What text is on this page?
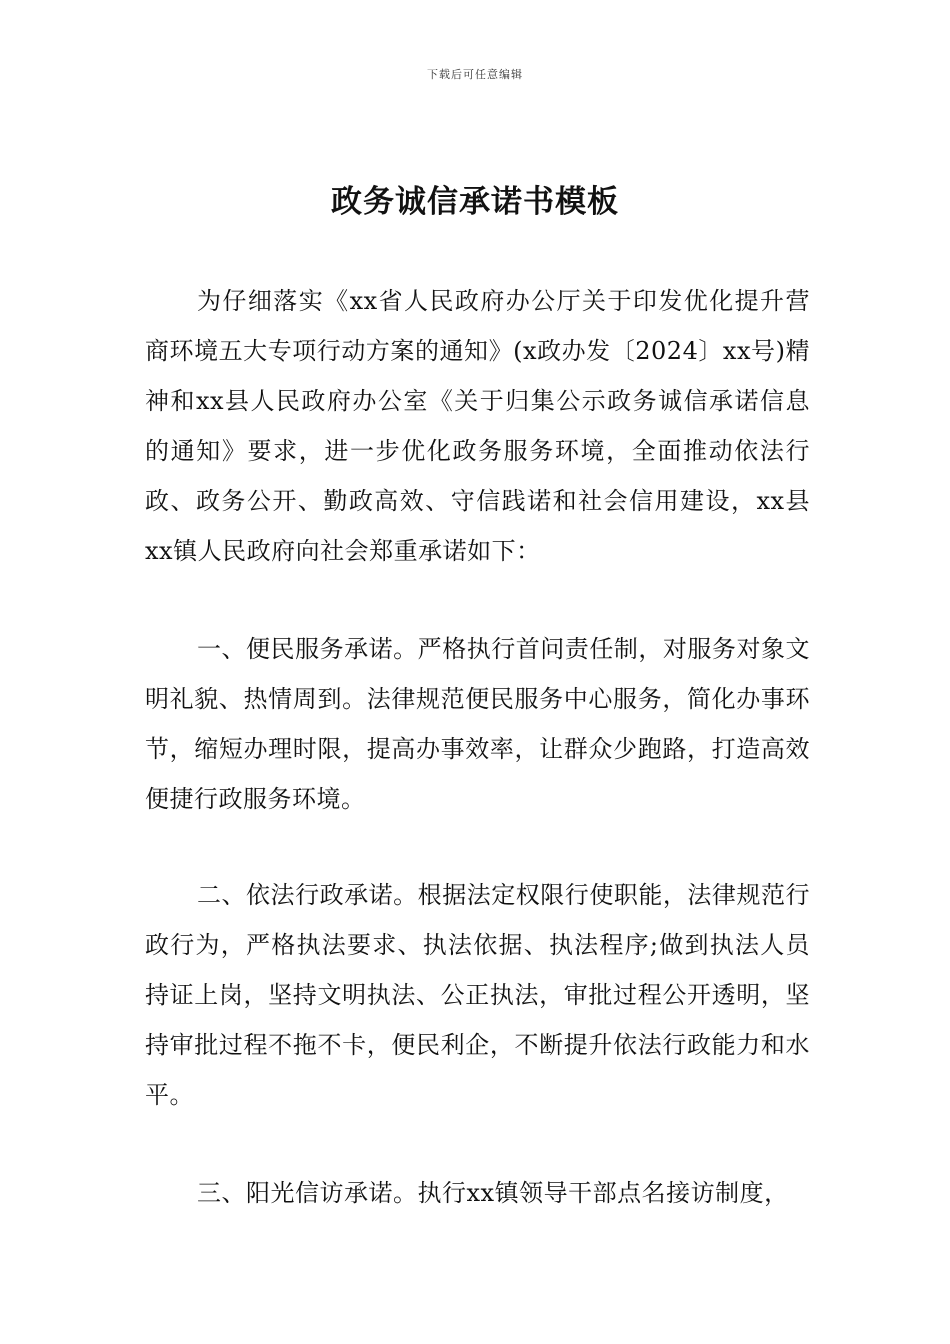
下载后可任意编辑
政务诚信承诺书模板

为仔细落实《xx省人民政府办公厅关于印发优化提升营商环境五大专项行动方案的通知》(x政办发〔2024〕xx号)精神和xx县人民政府办公室《关于归集公示政务诚信承诺信息的通知》要求，进一步优化政务服务环境，全面推动依法行政、政务公开、勤政高效、守信践诺和社会信用建设，xx县xx镇人民政府向社会郑重承诺如下：

一、便民服务承诺。严格执行首问责任制，对服务对象文明礼貌、热情周到。法律规范便民服务中心服务，简化办事环节，缩短办理时限，提高办事效率，让群众少跑路，打造高效便捷行政服务环境。

二、依法行政承诺。根据法定权限行使职能，法律规范行政行为，严格执法要求、执法依据、执法程序;做到执法人员持证上岗，坚持文明执法、公正执法，审批过程公开透明，坚持审批过程不拖不卡，便民利企，不断提升依法行政能力和水平。

三、阳光信访承诺。执行xx镇领导干部点名接访制度，
